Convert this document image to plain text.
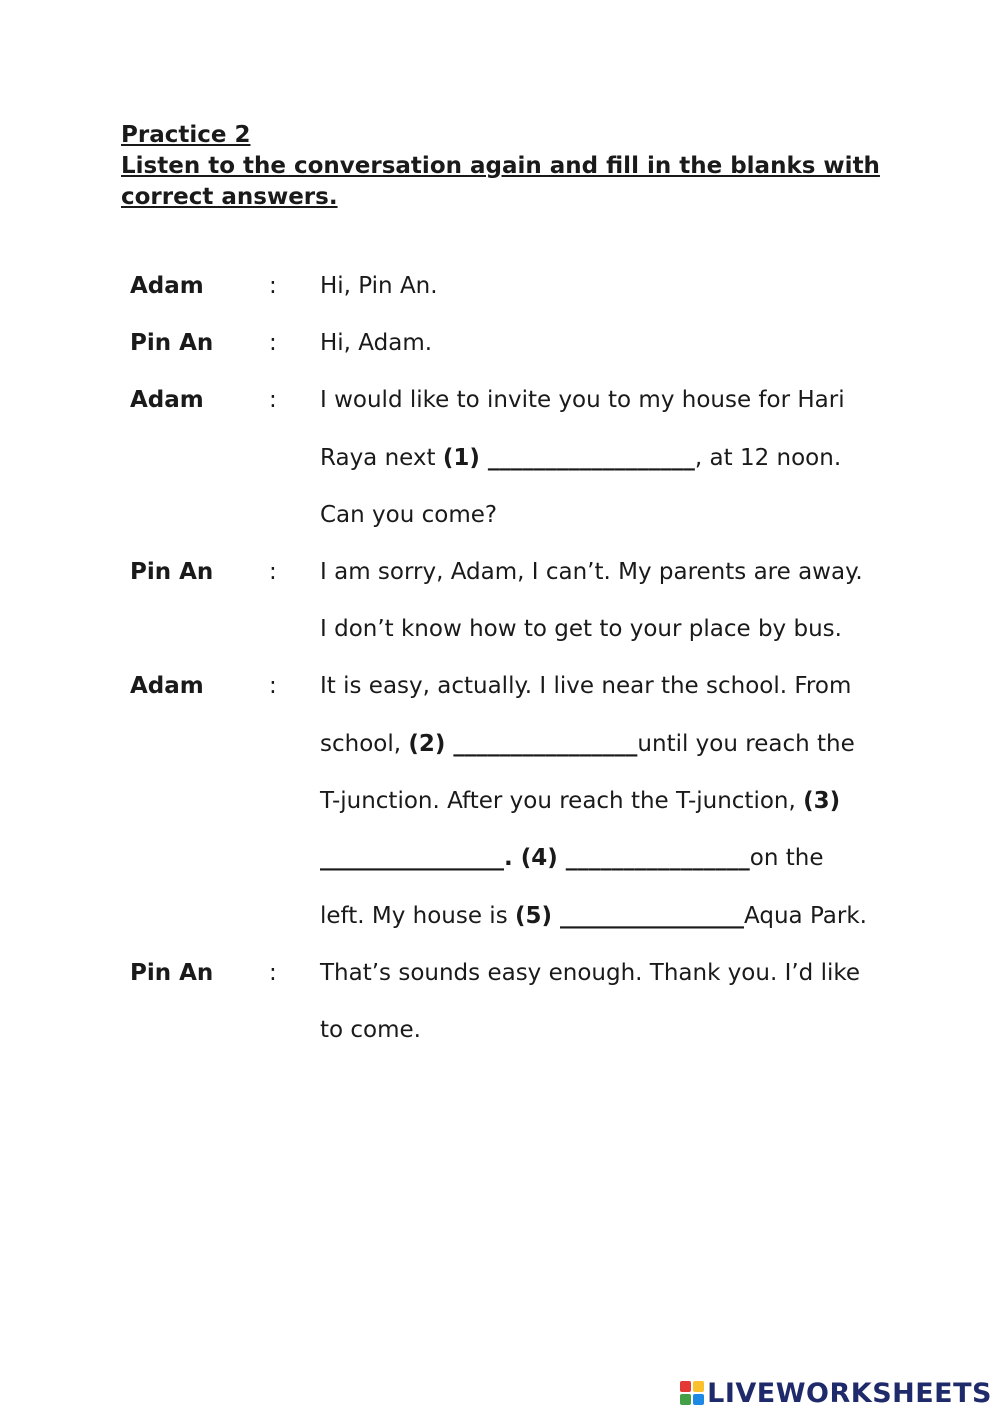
Practice 2
Listen to the conversation again and fill in the blanks with
correct answers.
Adam	: Hi, Pin An.
Pin An : Hi, Adam.
Adam	: I would like to invite you to my house for Hari
Raya next (1) __________________, at 12 noon.
Can you come?
Pin An : I am sorry, Adam, I can’t. My parents are away.
I don’t know how to get to your place by bus.
Adam	: It is easy, actually. I live near the school. From
school, (2) ________________until you reach the
T-junction. After you reach the T-junction, (3)
________________. (4) ________________on the
left. My house is (5) ________________Aqua Park.
Pin An : That’s sounds easy enough. Thank you. I’d like
to come.
LIVEWORKSHEETS
